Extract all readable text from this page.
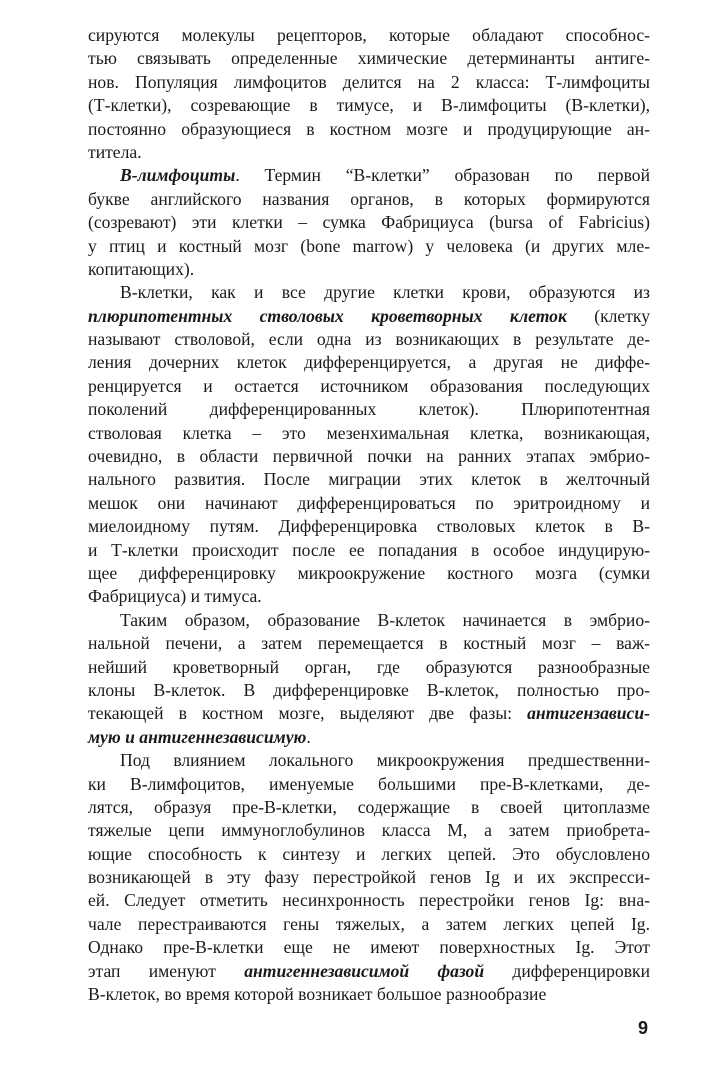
сируются молекулы рецепторов, которые обладают способнос-
тью связывать определенные химические детерминанты антиге-
нов. Популяция лимфоцитов делится на 2 класса: Т-лимфоциты
(Т-клетки), созревающие в тимусе, и В-лимфоциты (В-клетки),
постоянно образующиеся в костном мозге и продуцирующие ан-
титела.
В-лимфоциты. Термин “В-клетки” образован по первой
букве английского названия органов, в которых формируются
(созревают) эти клетки – сумка Фабрициуса (bursa of Fabricius)
у птиц и костный мозг (bone marrow) у человека (и других мле-
копитающих).
В-клетки, как и все другие клетки крови, образуются из
плюрипотентных стволовых кроветворных клеток (клетку
называют стволовой, если одна из возникающих в результате де-
ления дочерних клеток дифференцируется, а другая не диффе-
ренцируется и остается источником образования последующих
поколений дифференцированных клеток). Плюрипотентная
стволовая клетка – это мезенхимальная клетка, возникающая,
очевидно, в области первичной почки на ранних этапах эмбрио-
нального развития. После миграции этих клеток в желточный
мешок они начинают дифференцироваться по эритроидному и
миелоидному путям. Дифференцировка стволовых клеток в В-
и Т-клетки происходит после ее попадания в особое индуцирую-
щее дифференцировку микроокружение костного мозга (сумки
Фабрициуса) и тимуса.
Таким образом, образование В-клеток начинается в эмбрио-
нальной печени, а затем перемещается в костный мозг – важ-
нейший кроветворный орган, где образуются разнообразные
клоны В-клеток. В дифференцировке В-клеток, полностью про-
текающей в костном мозге, выделяют две фазы: антигензависи-
мую и антигеннезависимую.
Под влиянием локального микроокружения предшественни-
ки В-лимфоцитов, именуемые большими пре-В-клетками, де-
лятся, образуя пре-В-клетки, содержащие в своей цитоплазме
тяжелые цепи иммуноглобулинов класса М, а затем приобрета-
ющие способность к синтезу и легких цепей. Это обусловлено
возникающей в эту фазу перестройкой генов Ig и их экспресси-
ей. Следует отметить несинхронность перестройки генов Ig: вна-
чале перестраиваются гены тяжелых, а затем легких цепей Ig.
Однако пре-В-клетки еще не имеют поверхностных Ig. Этот
этап именуют антигеннезависимой фазой дифференцировки
В-клеток, во время которой возникает большое разнообразие
9
